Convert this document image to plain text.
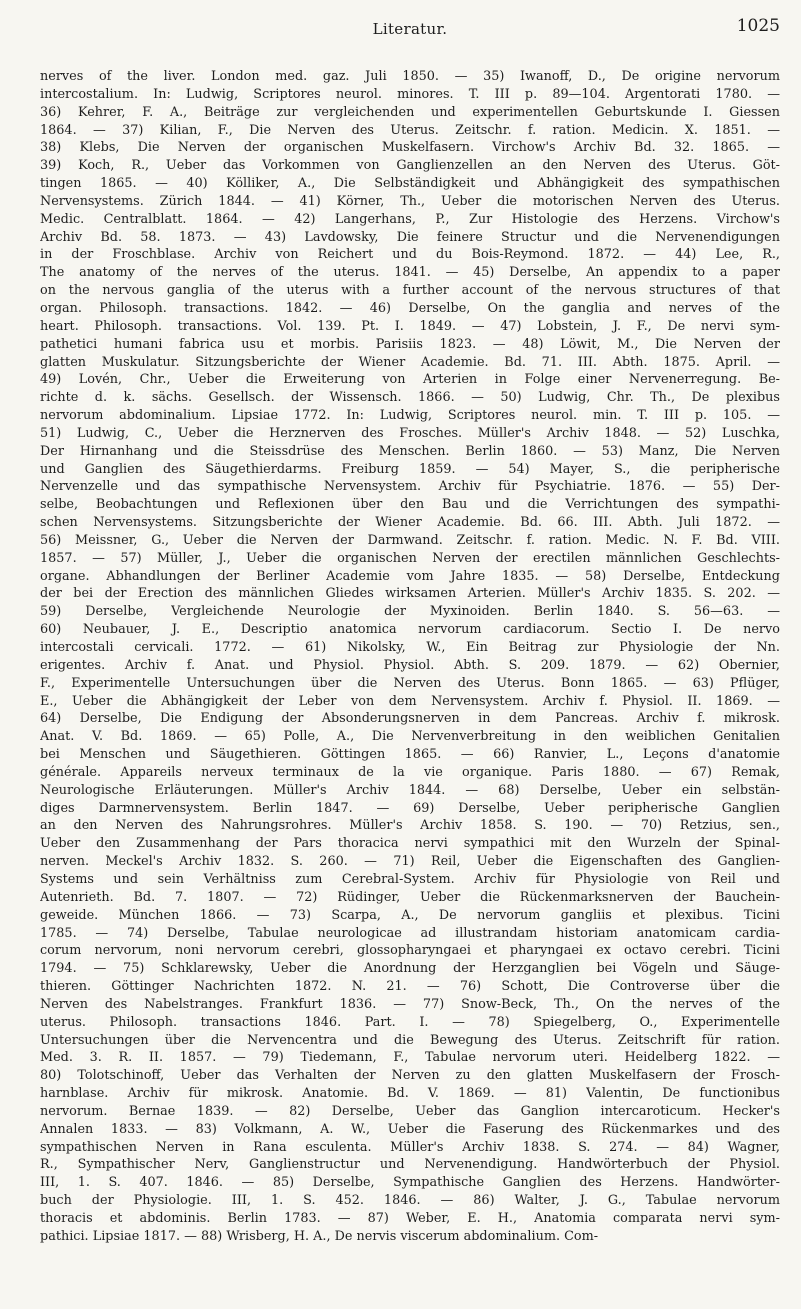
Literatur.	1025
nerves of the liver. London med. gaz. Juli 1850. — 35) Iwanoff, D., De origine nervorum
intercostalium. In: Ludwig, Scriptores neurol. minores. T. III p. 89—104. Argentorati 1780. —
36) Kehrer, F. A., Beiträge zur vergleichenden und experimentellen Geburtskunde I. Giessen
1864. — 37) Kilian, F., Die Nerven des Uterus. Zeitschr. f. ration. Medicin. X. 1851. —
38) Klebs, Die Nerven der organischen Muskelfasern. Virchow's Archiv Bd. 32. 1865. —
39) Koch, R., Ueber das Vorkommen von Ganglienzellen an den Nerven des Uterus. Göt-
tingen 1865. — 40) Kölliker, A., Die Selbständigkeit und Abhängigkeit des sympathischen
Nervensystems. Zürich 1844. — 41) Körner, Th., Ueber die motorischen Nerven des Uterus.
Medic. Centralblatt. 1864. — 42) Langerhans, P., Zur Histologie des Herzens. Virchow's
Archiv Bd. 58. 1873. — 43) Lavdowsky, Die feinere Structur und die Nervenendigungen
in der Froschblase. Archiv von Reichert und du Bois-Reymond. 1872. — 44) Lee, R.,
The anatomy of the nerves of the uterus. 1841. — 45) Derselbe, An appendix to a paper
on the nervous ganglia of the uterus with a further account of the nervous structures of that
organ. Philosoph. transactions. 1842. — 46) Derselbe, On the ganglia and nerves of the
heart. Philosoph. transactions. Vol. 139. Pt. I. 1849. — 47) Lobstein, J. F., De nervi sym-
pathetici humani fabrica usu et morbis. Parisiis 1823. — 48) Löwit, M., Die Nerven der
glatten Muskulatur. Sitzungsberichte der Wiener Academie. Bd. 71. III. Abth. 1875. April. —
49) Lovén, Chr., Ueber die Erweiterung von Arterien in Folge einer Nervenerregung. Be-
richte d. k. sächs. Gesellsch. der Wissensch. 1866. — 50) Ludwig, Chr. Th., De plexibus
nervorum abdominalium. Lipsiae 1772. In: Ludwig, Scriptores neurol. min. T. III p. 105. —
51) Ludwig, C., Ueber die Herznerven des Frosches. Müller's Archiv 1848. — 52) Luschka,
Der Hirnanhang und die Steissdrüse des Menschen. Berlin 1860. — 53) Manz, Die Nerven
und Ganglien des Säugethierdarms. Freiburg 1859. — 54) Mayer, S., die peripherische
Nervenzelle und das sympathische Nervensystem. Archiv für Psychiatrie. 1876. — 55) Der-
selbe, Beobachtungen und Reflexionen über den Bau und die Verrichtungen des sympathi-
schen Nervensystems. Sitzungsberichte der Wiener Academie. Bd. 66. III. Abth. Juli 1872. —
56) Meissner, G., Ueber die Nerven der Darmwand. Zeitschr. f. ration. Medic. N. F. Bd. VIII.
1857. — 57) Müller, J., Ueber die organischen Nerven der erectilen männlichen Geschlechts-
organe. Abhandlungen der Berliner Academie vom Jahre 1835. — 58) Derselbe, Entdeckung
der bei der Erection des männlichen Gliedes wirksamen Arterien. Müller's Archiv 1835. S. 202. —
59) Derselbe, Vergleichende Neurologie der Myxinoiden. Berlin 1840. S. 56—63. —
60) Neubauer, J. E., Descriptio anatomica nervorum cardiacorum. Sectio I. De nervo
intercostali cervicali. 1772. — 61) Nikolsky, W., Ein Beitrag zur Physiologie der Nn.
erigentes. Archiv f. Anat. und Physiol. Physiol. Abth. S. 209. 1879. — 62) Obernier,
F., Experimentelle Untersuchungen über die Nerven des Uterus. Bonn 1865. — 63) Pflüger,
E., Ueber die Abhängigkeit der Leber von dem Nervensystem. Archiv f. Physiol. II. 1869. —
64) Derselbe, Die Endigung der Absonderungsnerven in dem Pancreas. Archiv f. mikrosk.
Anat. V. Bd. 1869. — 65) Polle, A., Die Nervenverbreitung in den weiblichen Genitalien
bei Menschen und Säugethieren. Göttingen 1865. — 66) Ranvier, L., Leçons d'anatomie
générale. Appareils nerveux terminaux de la vie organique. Paris 1880. — 67) Remak,
Neurologische Erläuterungen. Müller's Archiv 1844. — 68) Derselbe, Ueber ein selbstän-
diges Darmnervensystem. Berlin 1847. — 69) Derselbe, Ueber peripherische Ganglien
an den Nerven des Nahrungsrohres. Müller's Archiv 1858. S. 190. — 70) Retzius, sen.,
Ueber den Zusammenhang der Pars thoracica nervi sympathici mit den Wurzeln der Spinal-
nerven. Meckel's Archiv 1832. S. 260. — 71) Reil, Ueber die Eigenschaften des Ganglien-
Systems und sein Verhältniss zum Cerebral-System. Archiv für Physiologie von Reil und
Autenrieth. Bd. 7. 1807. — 72) Rüdinger, Ueber die Rückenmarksnerven der Bauchein-
geweide. München 1866. — 73) Scarpa, A., De nervorum gangliis et plexibus. Ticini
1785. — 74) Derselbe, Tabulae neurologicae ad illustrandam historiam anatomicam cardia-
corum nervorum, noni nervorum cerebri, glossopharyngaei et pharyngaei ex octavo cerebri. Ticini
1794. — 75) Schklarewsky, Ueber die Anordnung der Herzganglien bei Vögeln und Säuge-
thieren. Göttinger Nachrichten 1872. N. 21. — 76) Schott, Die Controverse über die
Nerven des Nabelstranges. Frankfurt 1836. — 77) Snow-Beck, Th., On the nerves of the
uterus. Philosoph. transactions 1846. Part. I. — 78) Spiegelberg, O., Experimentelle
Untersuchungen über die Nervencentra und die Bewegung des Uterus. Zeitschrift für ration.
Med. 3. R. II. 1857. — 79) Tiedemann, F., Tabulae nervorum uteri. Heidelberg 1822. —
80) Tolotschinoff, Ueber das Verhalten der Nerven zu den glatten Muskelfasern der Frosch-
harnblase. Archiv für mikrosk. Anatomie. Bd. V. 1869. — 81) Valentin, De functionibus
nervorum. Bernae 1839. — 82) Derselbe, Ueber das Ganglion intercaroticum. Hecker's
Annalen 1833. — 83) Volkmann, A. W., Ueber die Faserung des Rückenmarkes und des
sympathischen Nerven in Rana esculenta. Müller's Archiv 1838. S. 274. — 84) Wagner,
R., Sympathischer Nerv, Ganglienstructur und Nervenendigung. Handwörterbuch der Physiol.
III, 1. S. 407. 1846. — 85) Derselbe, Sympathische Ganglien des Herzens. Handwörter-
buch der Physiologie. III, 1. S. 452. 1846. — 86) Walter, J. G., Tabulae nervorum
thoracis et abdominis. Berlin 1783. — 87) Weber, E. H., Anatomia comparata nervi sym-
pathici. Lipsiae 1817. — 88) Wrisberg, H. A., De nervis viscerum abdominalium. Com-
